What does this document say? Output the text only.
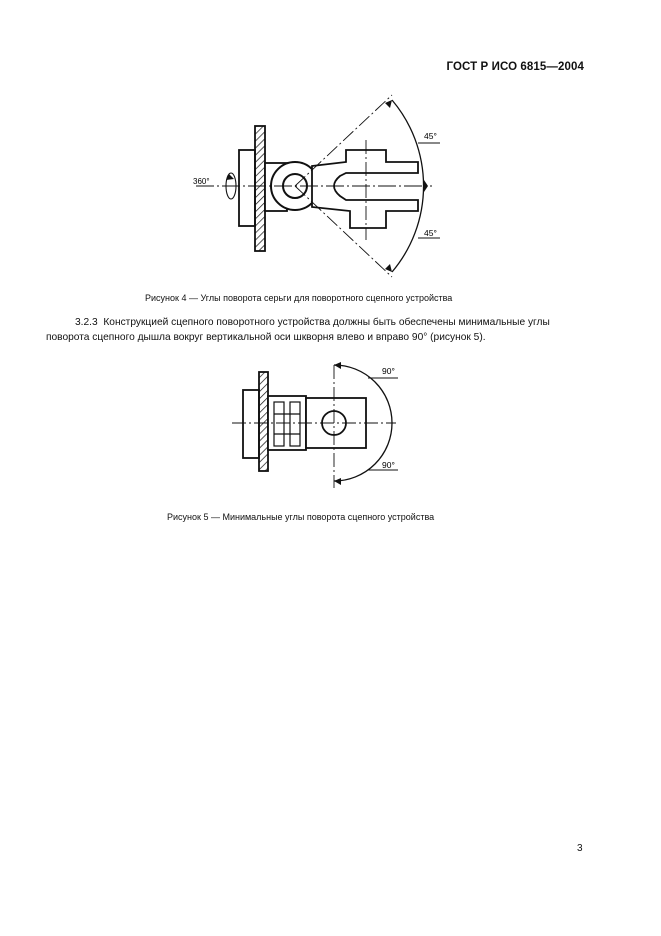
ГОСТ Р ИСО 6815—2004
45°
45°
360°
Рисунок 4 — Углы поворота серьги для поворотного сцепного устройства
3.2.3 Конструкцией сцепного поворотного устройства должны быть обеспечены минимальные углы поворота сцепного дышла вокруг вертикальной оси шкворня влево и вправо 90° (рисунок 5).
90°
90°
Рисунок 5 — Минимальные углы поворота сцепного устройства
3
